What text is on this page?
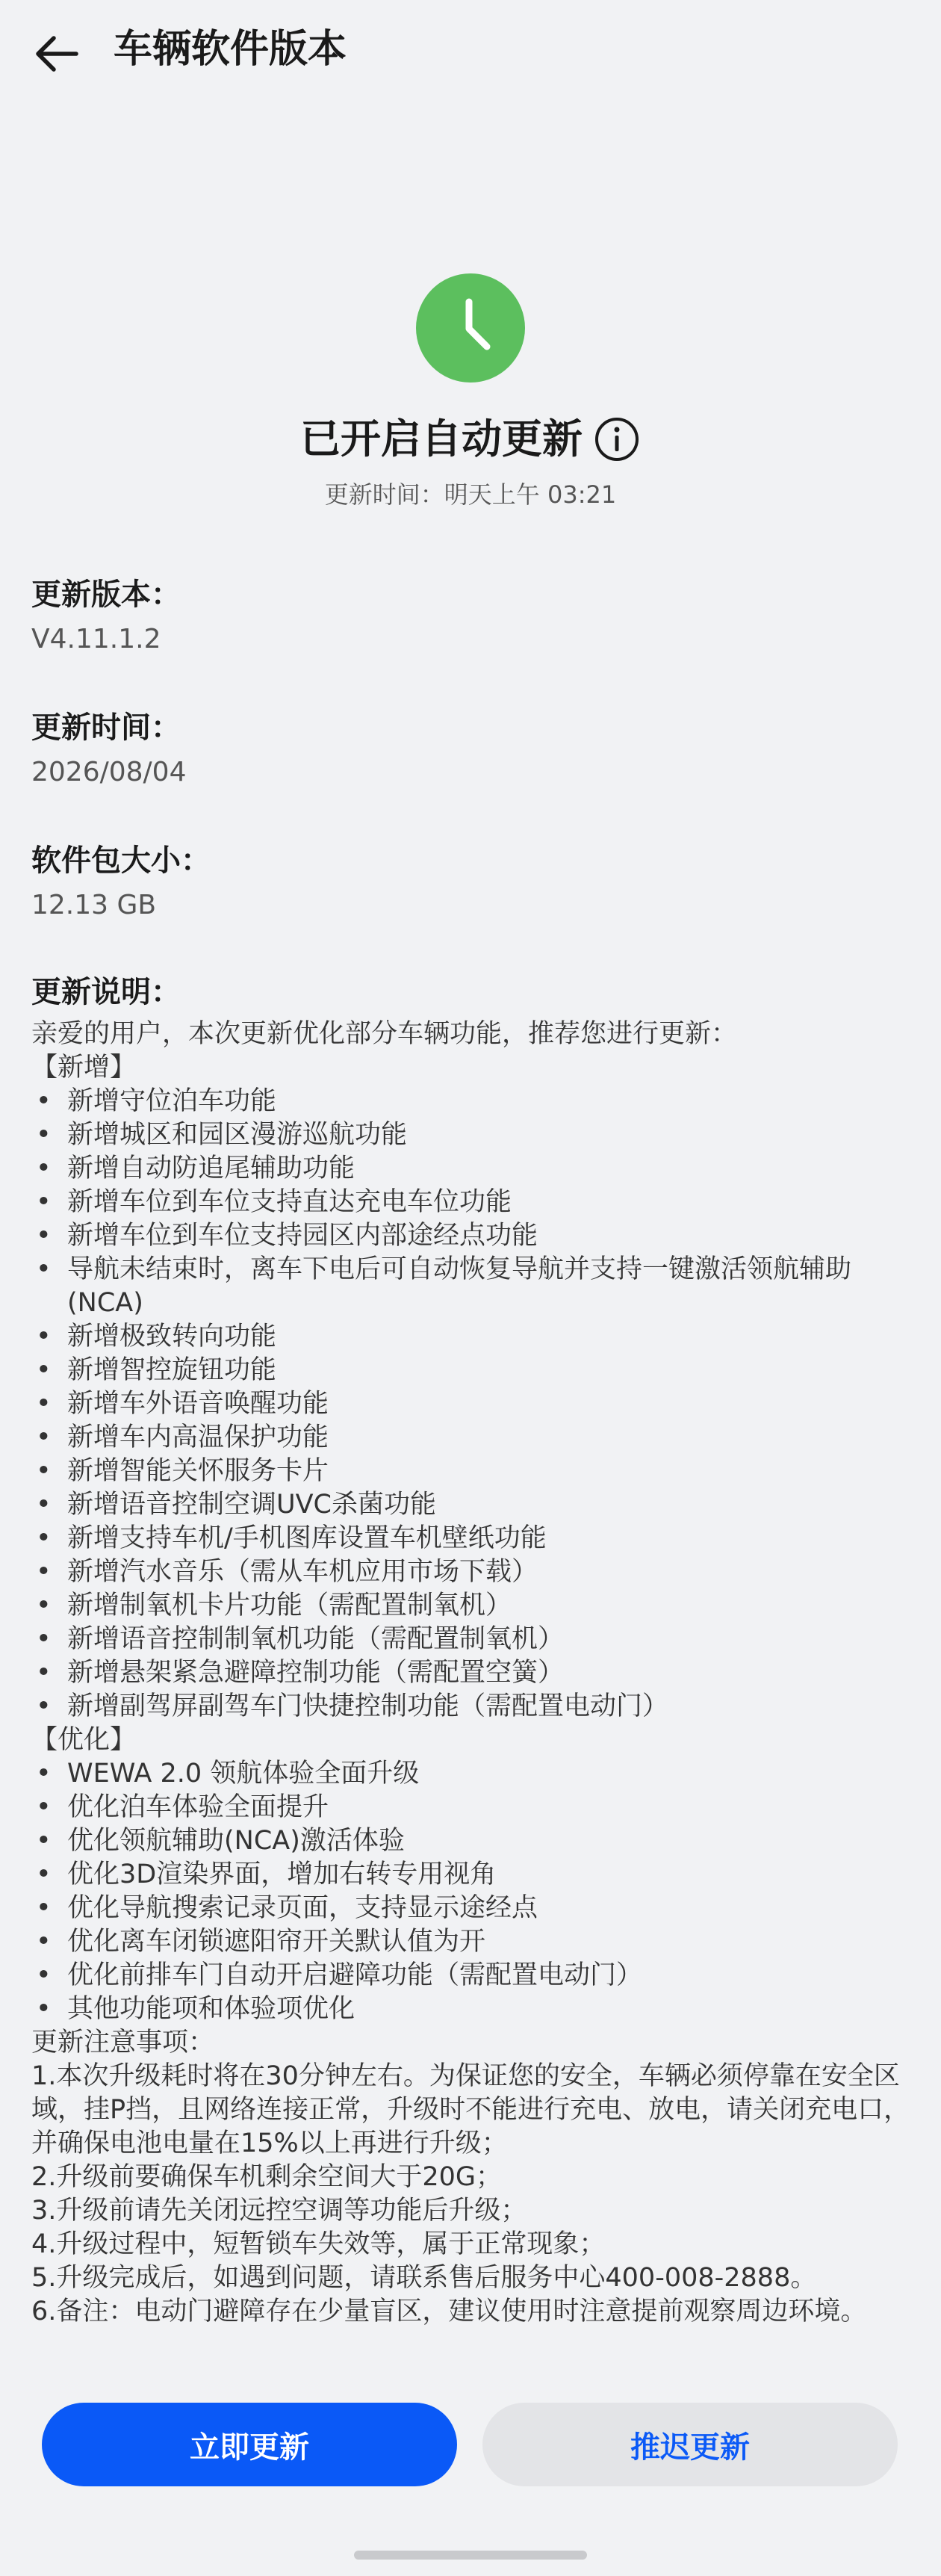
车辆软件版本
已开启自动更新
更新时间：明天上午 03:21
更新版本：
V4.11.1.2
更新时间：
2026/08/04
软件包大小：
12.13 GB
更新说明：
亲爱的用户，本次更新优化部分车辆功能，推荐您进行更新：
【新增】
• 新增守位泊车功能
• 新增城区和园区漫游巡航功能
• 新增自动防追尾辅助功能
• 新增车位到车位支持直达充电车位功能
• 新增车位到车位支持园区内部途经点功能
• 导航未结束时，离车下电后可自动恢复导航并支持一键激活领航辅助(NCA)
• 新增极致转向功能
• 新增智控旋钮功能
• 新增车外语音唤醒功能
• 新增车内高温保护功能
• 新增智能关怀服务卡片
• 新增语音控制空调UVC杀菌功能
• 新增支持车机/手机图库设置车机壁纸功能
• 新增汽水音乐（需从车机应用市场下载）
• 新增制氧机卡片功能（需配置制氧机）
• 新增语音控制制氧机功能（需配置制氧机）
• 新增悬架紧急避障控制功能（需配置空簧）
• 新增副驾屏副驾车门快捷控制功能（需配置电动门）
【优化】
• WEWA 2.0 领航体验全面升级
• 优化泊车体验全面提升
• 优化领航辅助(NCA)激活体验
• 优化3D渲染界面，增加右转专用视角
• 优化导航搜索记录页面，支持显示途经点
• 优化离车闭锁遮阳帘开关默认值为开
• 优化前排车门自动开启避障功能（需配置电动门）
• 其他功能项和体验项优化
更新注意事项：
1.本次升级耗时将在30分钟左右。为保证您的安全，车辆必须停靠在安全区域，挂P挡，且网络连接正常，升级时不能进行充电、放电，请关闭充电口，并确保电池电量在15%以上再进行升级；
2.升级前要确保车机剩余空间大于20G；
3.升级前请先关闭远控空调等功能后升级；
4.升级过程中，短暂锁车失效等，属于正常现象；
5.升级完成后，如遇到问题，请联系售后服务中心400-008-2888。
6.备注：电动门避障存在少量盲区，建议使用时注意提前观察周边环境。
立即更新	推迟更新
